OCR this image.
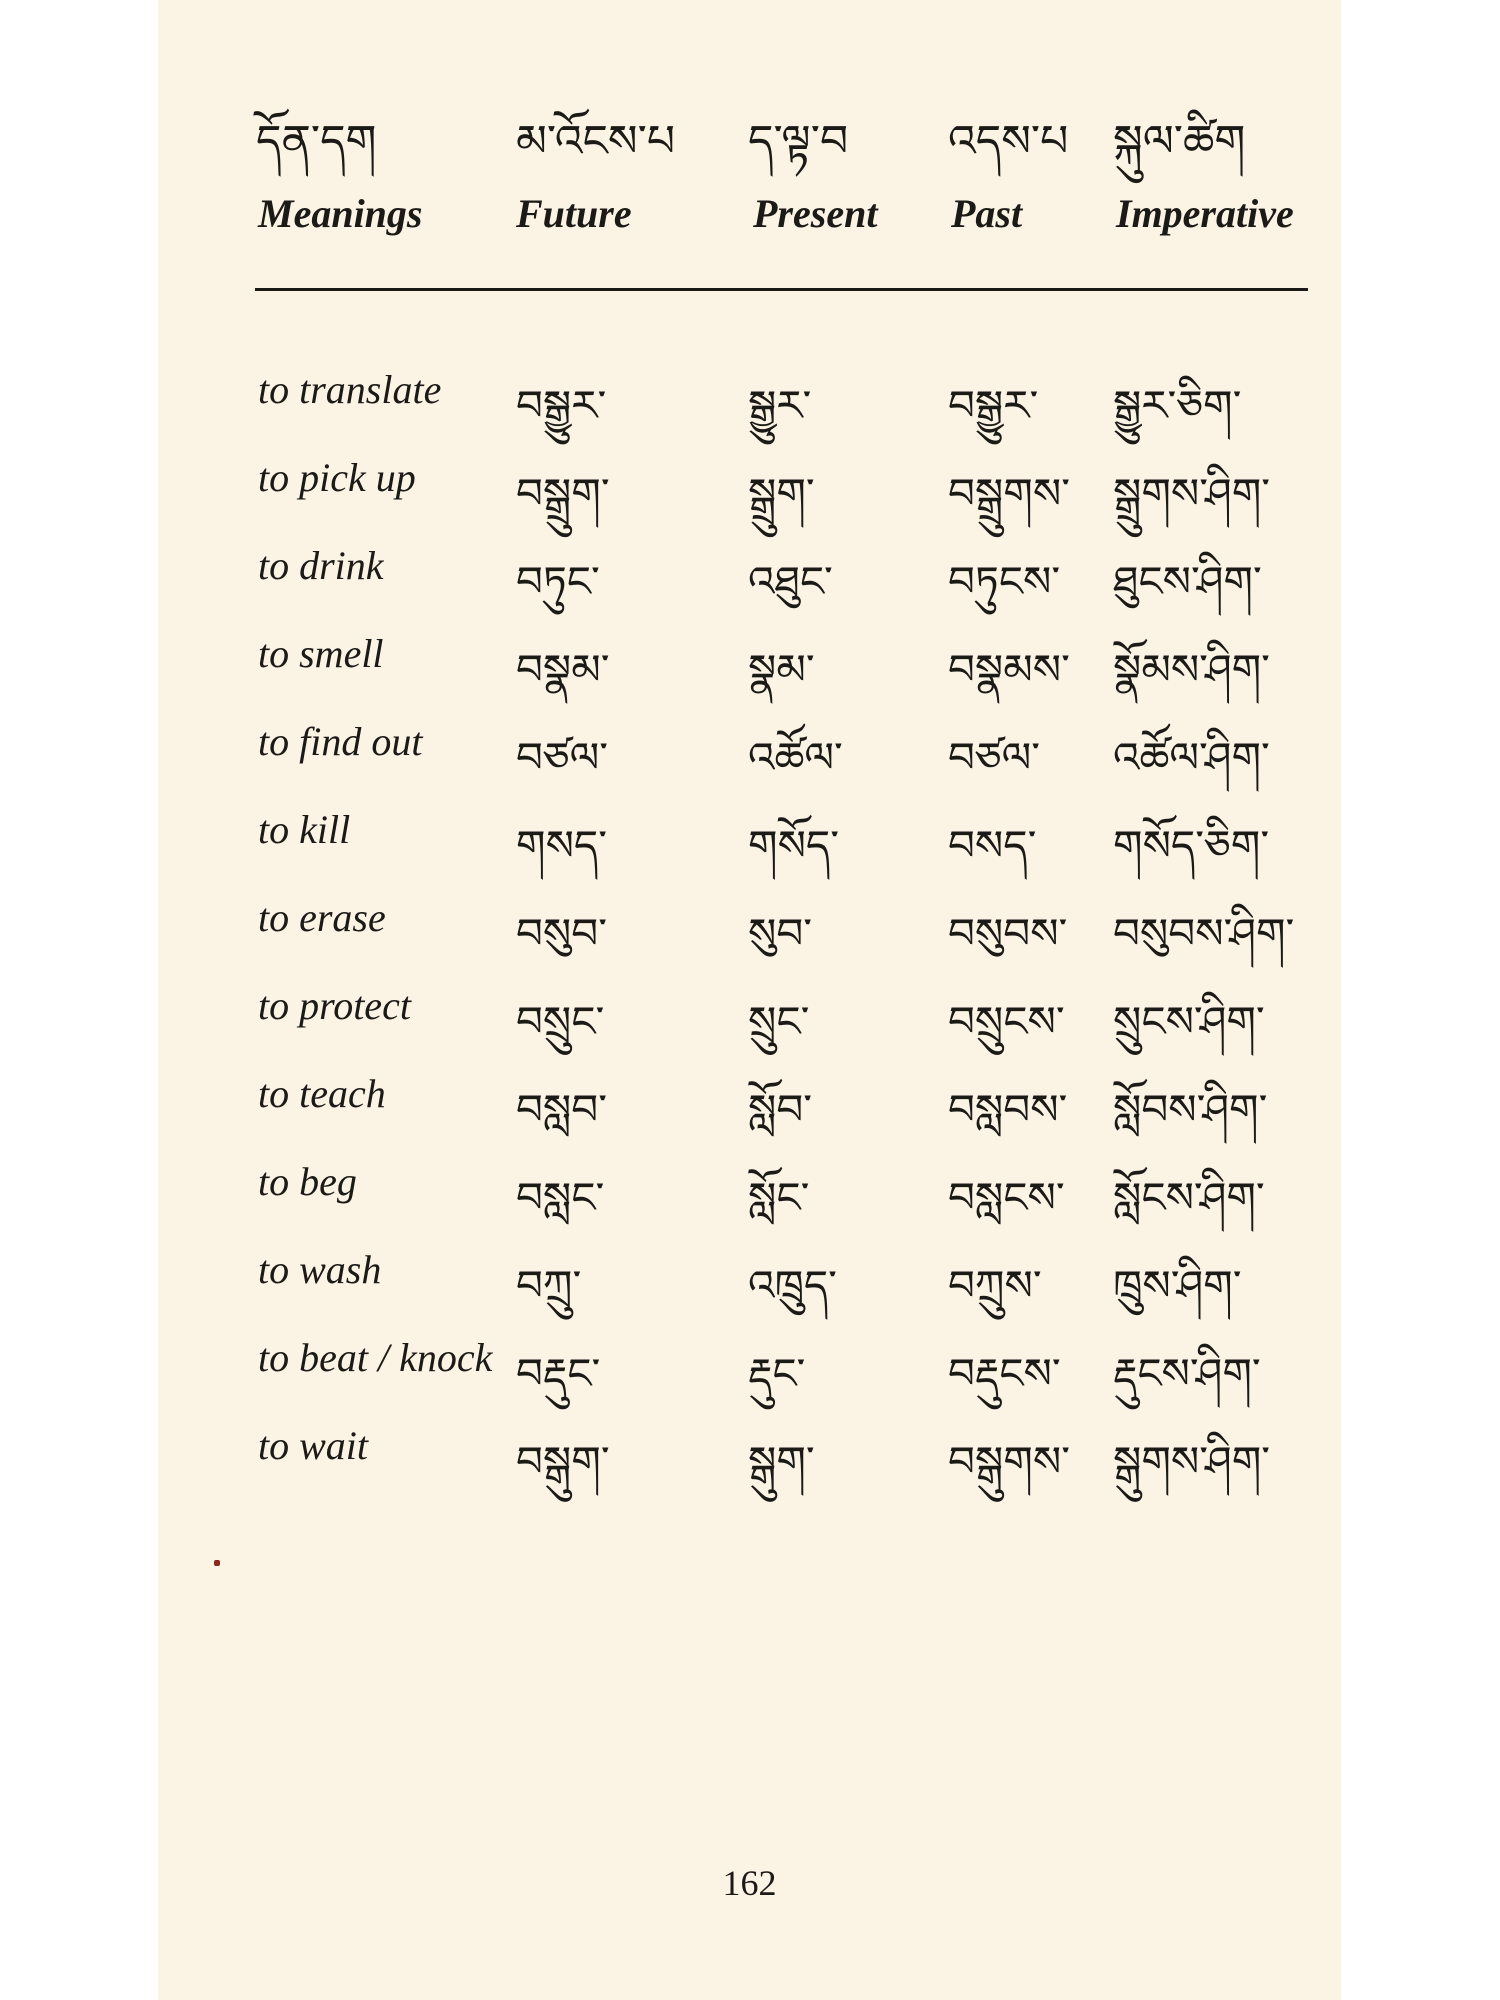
དོན་དག	མ་འོངས་པ ད་ལྟ་བ འདས་པ སྐུལ་ཚིག
Meanings Future	Present Past Imperative
to translate བསྒྱུར་	སྒྱུར་	བསྒྱུར་ སྒྱུར་ཅིག་
to pick up བསྒྲུག་	སྒྲུག་	བསྒྲུགས་ སྒྲུགས་ཤིག་
to drink	བཏུང་	འཐུང་	བཏུངས་ ཐུངས་ཤིག་
to smell	བསྣམ་	སྣམ་	བསྣམས་ སྣོམས་ཤིག་
to find out བཙལ་	འཚོལ་	བཙལ་ འཚོལ་ཤིག་
to kill	གསད་	གསོད་	བསད་ གསོད་ཅིག་
to erase	བསུབ་	སུབ་	བསུབས་ བསུབས་ཤིག་
to protect	བསྲུང་	སྲུང་	བསྲུངས་ སྲུངས་ཤིག་
to teach	བསླབ་	སློབ་	བསླབས་ སློབས་ཤིག་
to beg	བསླང་	སློང་	བསླངས་ སློངས་ཤིག་
to wash	བཀྲུ་	འཁྲུད་	བཀྲུས་ ཁྲུས་ཤིག་
to beat / knock བརྡུང་	རྡུང་	བརྡུངས་ རྡུངས་ཤིག་
to wait	བསྒུག་	སྒུག་	བསྒུགས་ སྒུགས་ཤིག་
162
